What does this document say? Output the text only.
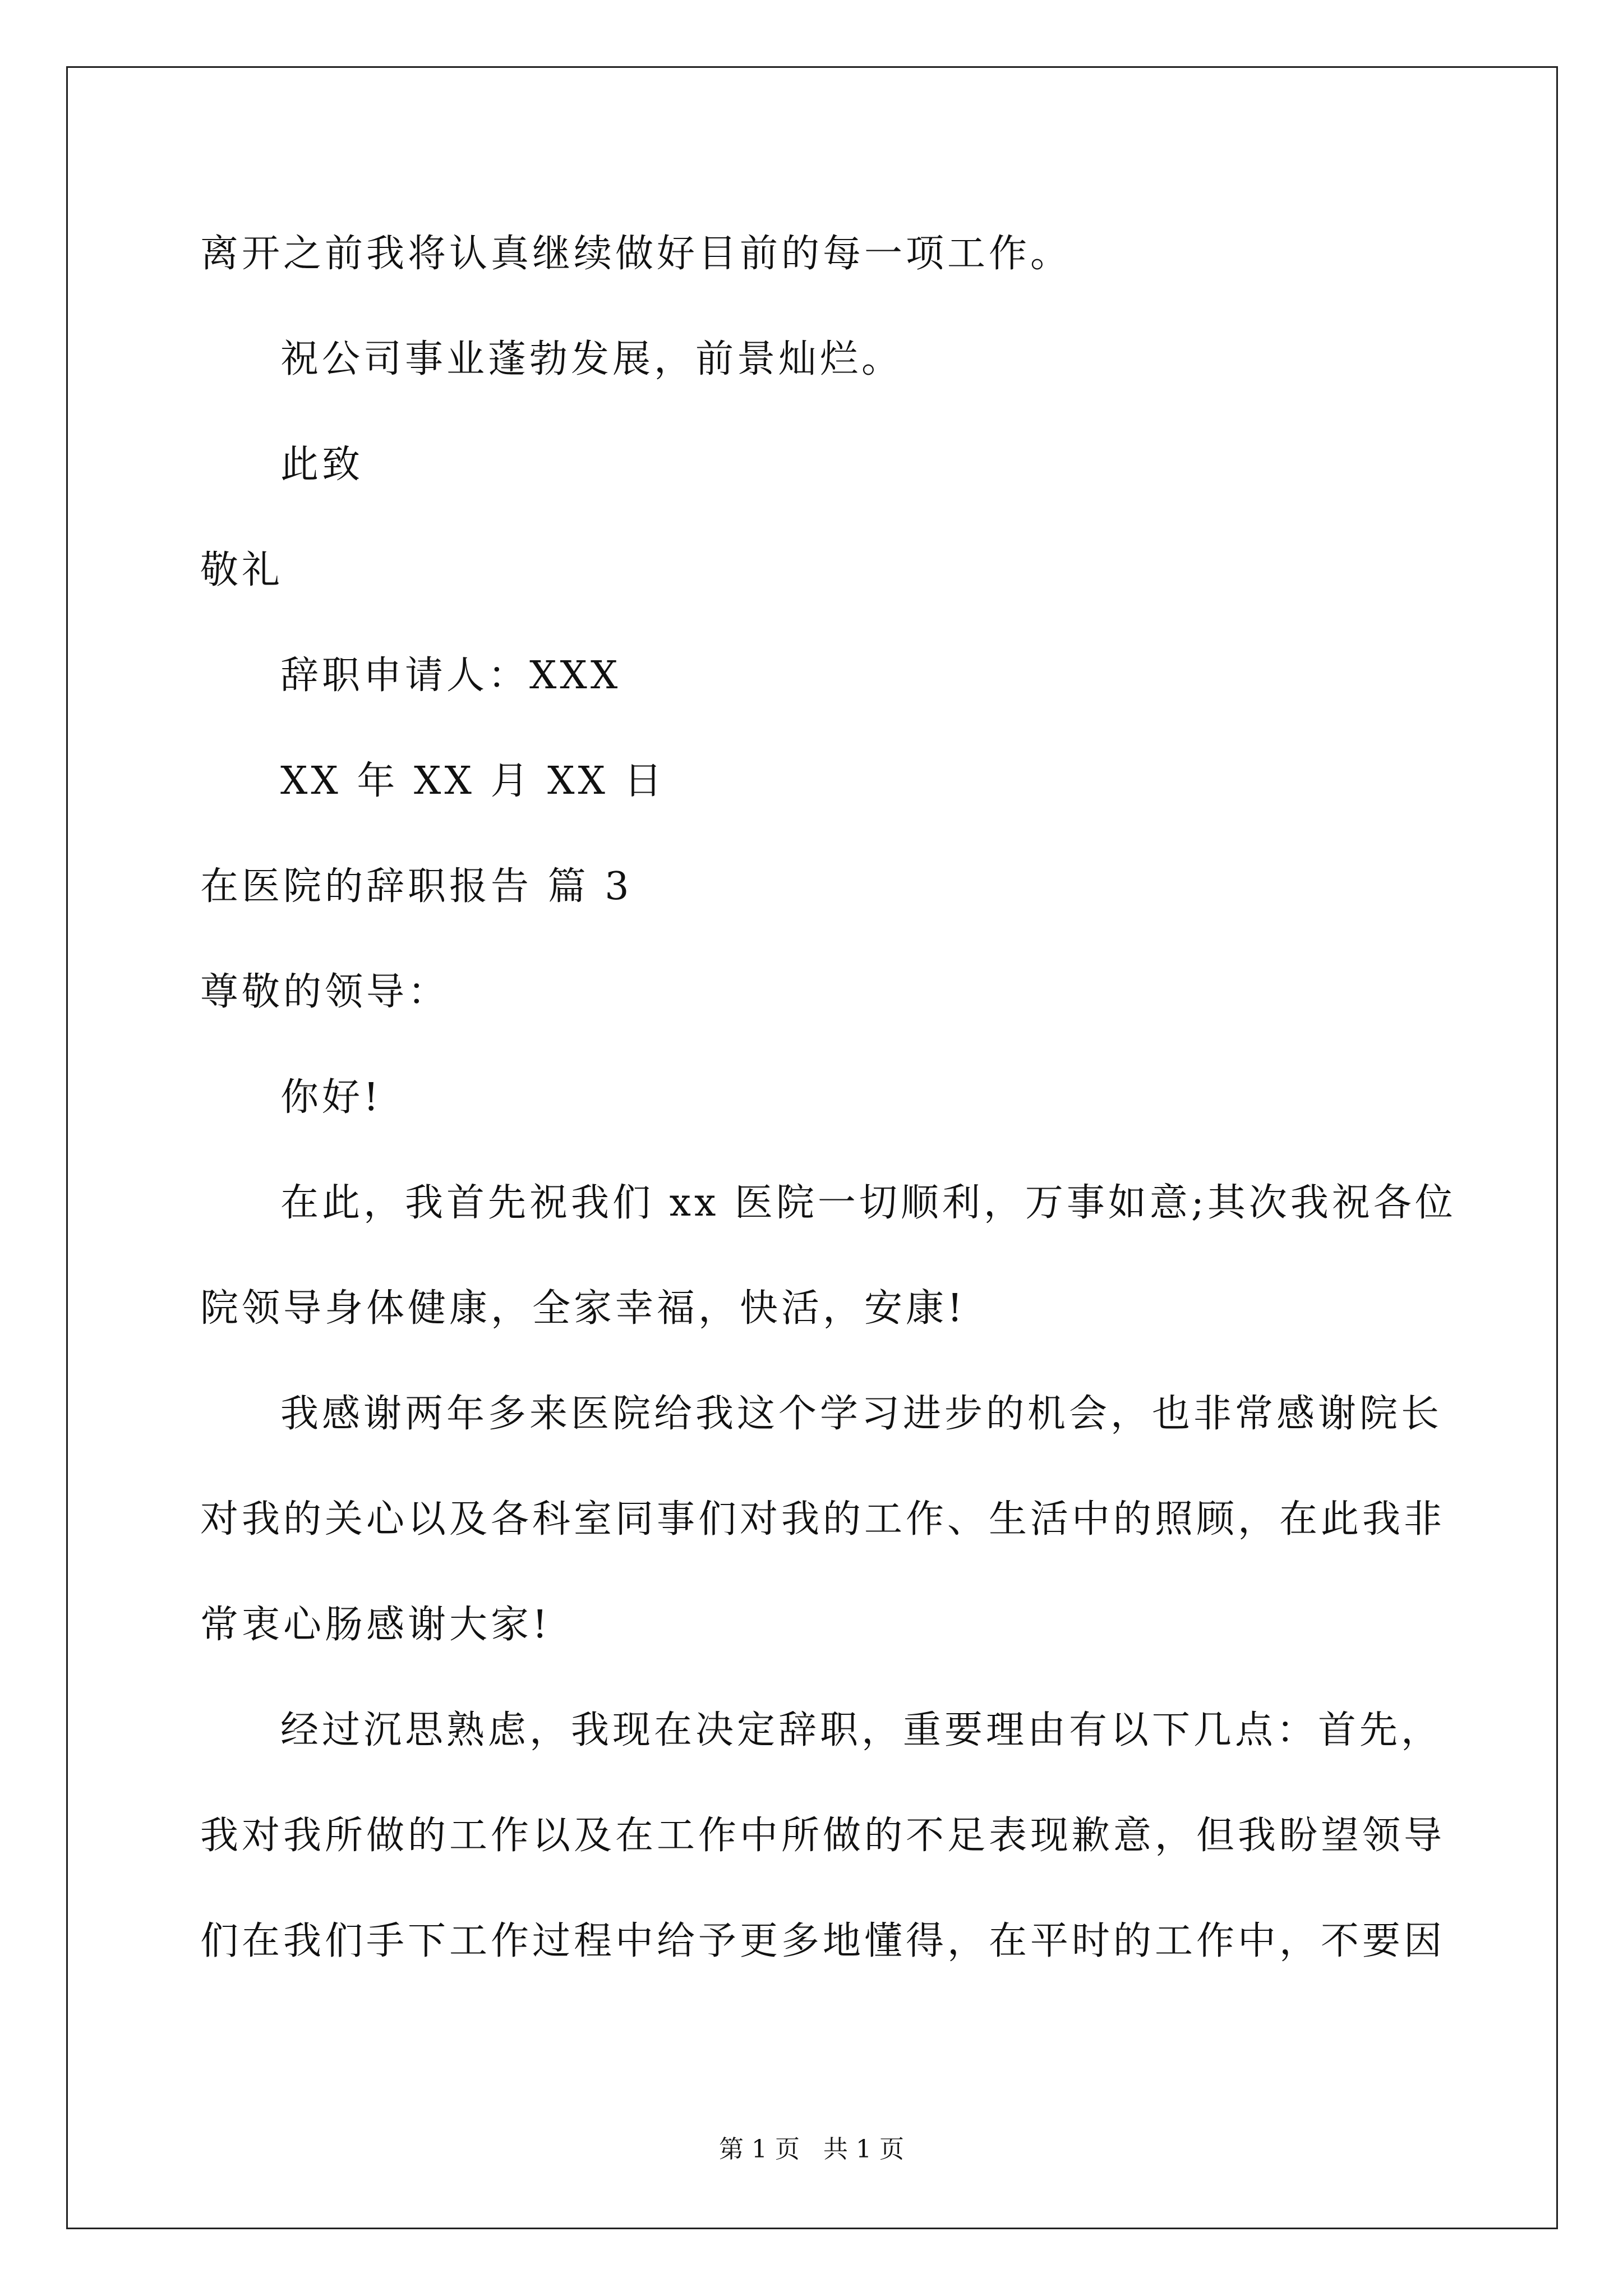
离开之前我将认真继续做好目前的每一项工作。
祝公司事业蓬勃发展，前景灿烂。
此致
敬礼
辞职申请人：XXX
XX 年 XX 月 XX 日
在医院的辞职报告 篇 3
尊敬的领导：
你好!
在此，我首先祝我们 xx 医院一切顺利，万事如意;其次我祝各位
院领导身体健康，全家幸福，快活，安康!
我感谢两年多来医院给我这个学习进步的机会，也非常感谢院长
对我的关心以及各科室同事们对我的工作、生活中的照顾，在此我非
常衷心肠感谢大家!
经过沉思熟虑，我现在决定辞职，重要理由有以下几点：首先，
我对我所做的工作以及在工作中所做的不足表现歉意，但我盼望领导
们在我们手下工作过程中给予更多地懂得，在平时的工作中，不要因
第 1 页   共 1 页
